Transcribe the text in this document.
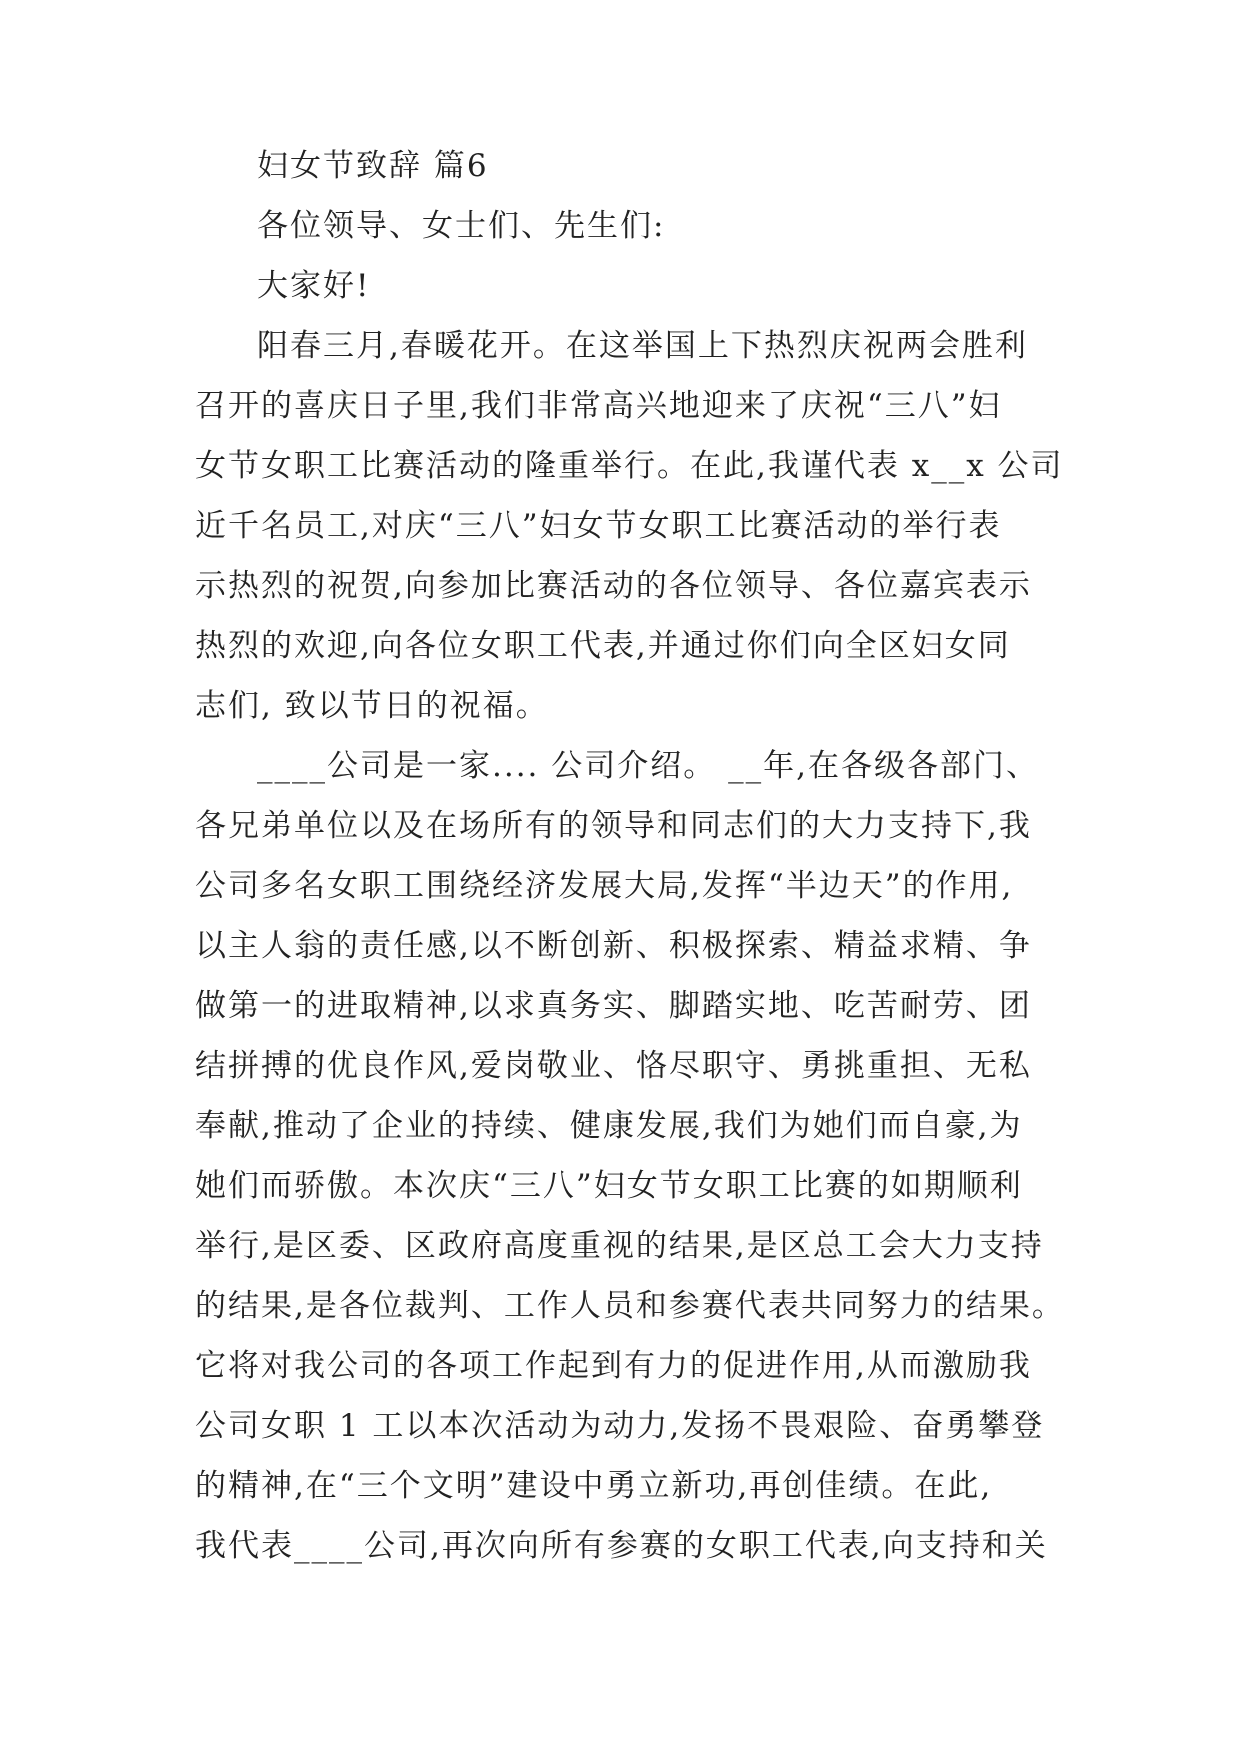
妇女节致辞 篇6
各位领导、女士们、先生们:
大家好!
阳春三月,春暖花开。在这举国上下热烈庆祝两会胜利
召开的喜庆日子里,我们非常高兴地迎来了庆祝“三八”妇
女节女职工比赛活动的隆重举行。在此,我谨代表 x__x 公司
近千名员工,对庆“三八”妇女节女职工比赛活动的举行表
示热烈的祝贺,向参加比赛活动的各位领导、各位嘉宾表示
热烈的欢迎,向各位女职工代表,并通过你们向全区妇女同
志们, 致以节日的祝福。
____公司是一家.... 公司介绍。 __年,在各级各部门、
各兄弟单位以及在场所有的领导和同志们的大力支持下,我
公司多名女职工围绕经济发展大局,发挥“半边天”的作用,
以主人翁的责任感,以不断创新、积极探索、精益求精、争
做第一的进取精神,以求真务实、脚踏实地、吃苦耐劳、团
结拼搏的优良作风,爱岗敬业、恪尽职守、勇挑重担、无私
奉献,推动了企业的持续、健康发展,我们为她们而自豪,为
她们而骄傲。本次庆“三八”妇女节女职工比赛的如期顺利
举行,是区委、区政府高度重视的结果,是区总工会大力支持
的结果,是各位裁判、工作人员和参赛代表共同努力的结果。
它将对我公司的各项工作起到有力的促进作用,从而激励我
公司女职 1 工以本次活动为动力,发扬不畏艰险、奋勇攀登
的精神,在“三个文明”建设中勇立新功,再创佳绩。在此,
我代表____公司,再次向所有参赛的女职工代表,向支持和关
